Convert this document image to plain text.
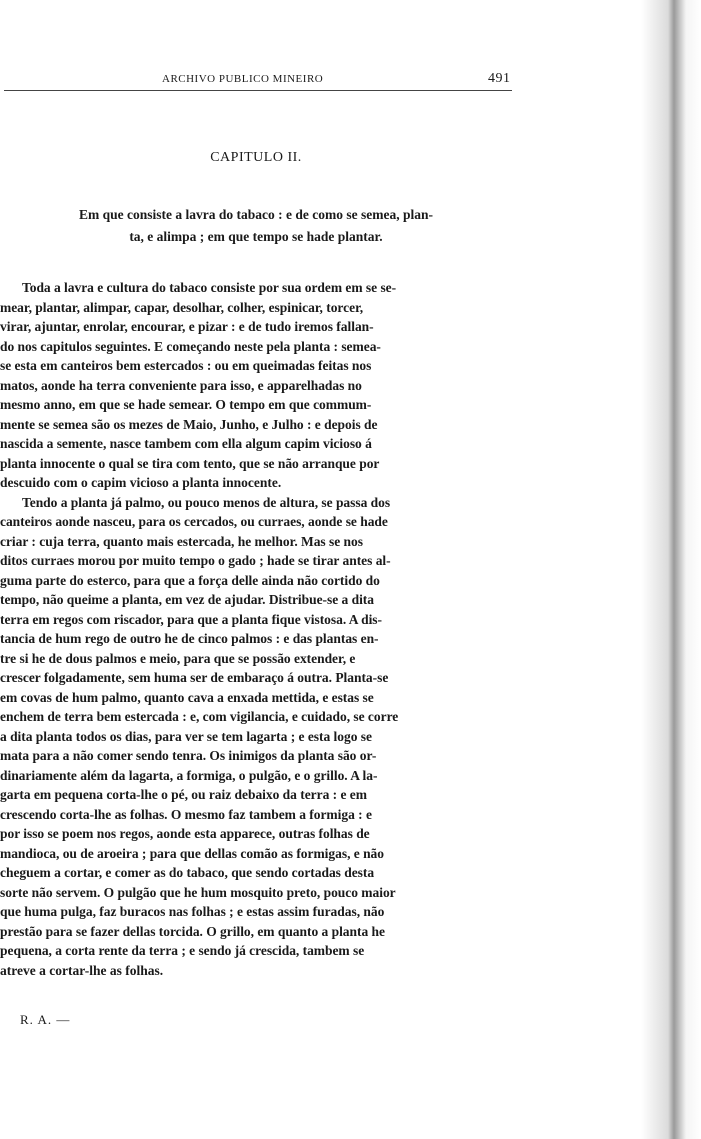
ARCHIVO PUBLICO MINEIRO	491
CAPITULO II.
Em que consiste a lavra do tabaco : e de como se semea, plan-
ta, e alimpa ; em que tempo se hade plantar.

Toda a lavra e cultura do tabaco consiste por sua ordem em se se-
mear, plantar, alimpar, capar, desolhar, colher, espinicar, torcer,
virar, ajuntar, enrolar, encourar, e pizar : e de tudo iremos fallan-
do nos capitulos seguintes. E começando neste pela planta : semea-
se esta em canteiros bem estercados : ou em queimadas feitas nos
matos, aonde ha terra conveniente para isso, e apparelhadas no
mesmo anno, em que se hade semear. O tempo em que commum-
mente se semea são os mezes de Maio, Junho, e Julho : e depois de
nascida a semente, nasce tambem com ella algum capim vicioso á
planta innocente o qual se tira com tento, que se não arranque por
descuido com o capim vicioso a planta innocente.

Tendo a planta já palmo, ou pouco menos de altura, se passa dos
canteiros aonde nasceu, para os cercados, ou curraes, aonde se hade
criar : cuja terra, quanto mais estercada, he melhor. Mas se nos
ditos curraes morou por muito tempo o gado ; hade se tirar antes al-
guma parte do esterco, para que a força delle ainda não cortido do
tempo, não queime a planta, em vez de ajudar. Distribue-se a dita
terra em regos com riscador, para que a planta fique vistosa. A dis-
tancia de hum rego de outro he de cinco palmos : e das plantas en-
tre si he de dous palmos e meio, para que se possão extender, e
crescer folgadamente, sem huma ser de embaraço á outra. Planta-se
em covas de hum palmo, quanto cava a enxada mettida, e estas se
enchem de terra bem estercada : e, com vigilancia, e cuidado, se corre
a dita planta todos os dias, para ver se tem lagarta ; e esta logo se
mata para a não comer sendo tenra. Os inimigos da planta são or-
dinariamente além da lagarta, a formiga, o pulgão, e o grillo. A la-
garta em pequena corta-lhe o pé, ou raiz debaixo da terra : e em
crescendo corta-lhe as folhas. O mesmo faz tambem a formiga : e
por isso se poem nos regos, aonde esta apparece, outras folhas de
mandioca, ou de aroeira ; para que dellas comão as formigas, e não
cheguem a cortar, e comer as do tabaco, que sendo cortadas desta
sorte não servem. O pulgão que he hum mosquito preto, pouco maior
que huma pulga, faz buracos nas folhas ; e estas assim furadas, não
prestão para se fazer dellas torcida. O grillo, em quanto a planta he
pequena, a corta rente da terra ; e sendo já crescida, tambem se
atreve a cortar-lhe as folhas.

R. A. —
